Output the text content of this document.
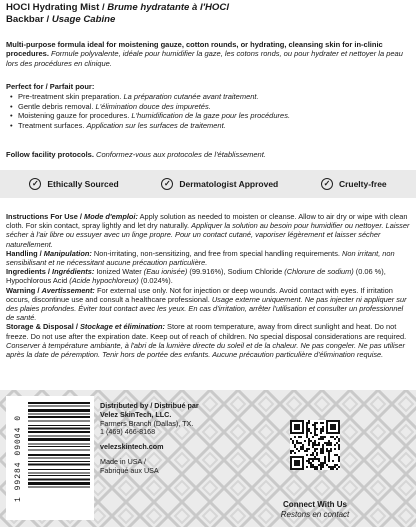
HOCl Hydrating Mist / Brume hydratante à l'HOCl
Backbar / Usage Cabine
Multi-purpose formula ideal for moistening gauze, cotton rounds, or hydrating, cleansing skin for in-clinic procedures. Formule polyvalente, idéale pour humidifier la gaze, les cotons ronds, ou pour hydrater et nettoyer la peau lors des procédures en clinique.
Perfect for / Parfait pour:
• Pre-treatment skin preparation. La préparation cutanée avant traitement.
• Gentle debris removal. L'élimination douce des impuretés.
• Moistening gauze for procedures. L'humidification de la gaze pour les procédures.
• Treatment surfaces. Application sur les surfaces de traitement.
Follow facility protocols. Conformez-vous aux protocoles de l'établissement.
✓	Ethically Sourced	✓	Dermatologist Approved	✓	Cruelty-free

Instructions For Use / Mode d'emploi: Apply solution as needed to moisten or cleanse. Allow to air dry or wipe with clean cloth. For skin contact, spray lightly and let dry naturally. Appliquer la solution au besoin pour humidifier ou nettoyer. Laisser sécher à l'air libre ou essuyer avec un linge propre. Pour un contact cutané, vaporiser légèrement et laisser sécher naturellement.

Handling / Manipulation: Non-irritating, non-sensitizing, and free from special handling requirements. Non irritant, non sensibilisant et ne nécessitant aucune précaution particulière.

Ingredients / Ingrédients: Ionized Water (Eau ionisée) (99.916%), Sodium Chloride (Chlorure de sodium) (0.06 %), Hypochlorous Acid (Acide hypochloreux) (0.024%).

Warning / Avertissement: For external use only. Not for injection or deep wounds. Avoid contact with eyes. If irritation occurs, discontinue use and consult a healthcare professional. Usage externe uniquement. Ne pas injecter ni appliquer sur des plaies profondes. Éviter tout contact avec les yeux. En cas d'irritation, arrêter l'utilisation et consulter un professionnel de santé.

Storage & Disposal / Stockage et élimination: Store at room temperature, away from direct sunlight and heat. Do not freeze. Do not use after the expiration date. Keep out of reach of children. No special disposal considerations are required. Conserver à température ambiante, à l'abri de la lumière directe du soleil et de la chaleur. Ne pas congeler. Ne pas utiliser après la date de péremption. Tenir hors de portée des enfants. Aucune précaution particulière d'élimination requise.

1 99284 09004 0
Distributed by / Distribué par
Velez SkinTech, LLC.
Farmers Branch (Dallas), TX.
1 (469) 466-8168
velezskintech.com
Made in USA /
Fabriqué aux USA
Connect With Us
Restons en contact
